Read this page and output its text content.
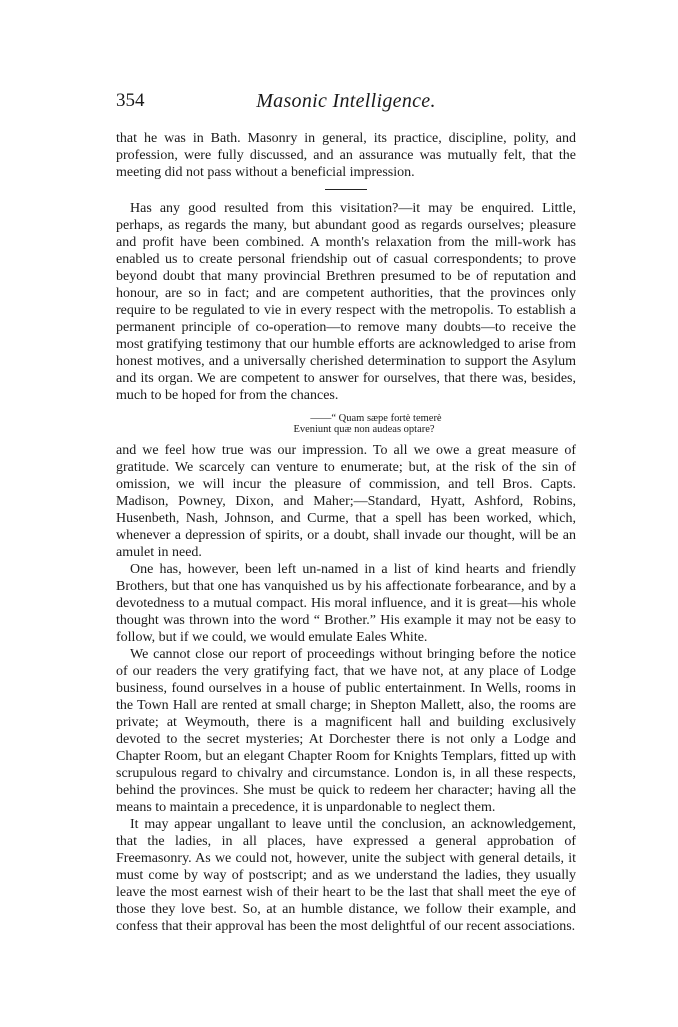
354	Masonic Intelligence.

that he was in Bath. Masonry in general, its practice, discipline, polity, and profession, were fully discussed, and an assurance was mutually felt, that the meeting did not pass without a beneficial impression.

Has any good resulted from this visitation?—it may be enquired. Little, perhaps, as regards the many, but abundant good as regards ourselves; pleasure and profit have been combined. A month's relaxation from the mill-work has enabled us to create personal friendship out of casual correspondents; to prove beyond doubt that many provincial Brethren presumed to be of reputation and honour, are so in fact; and are competent authorities, that the provinces only require to be regulated to vie in every respect with the metropolis. To establish a permanent principle of co-operation—to remove many doubts—to receive the most gratifying testimony that our humble efforts are acknowledged to arise from honest motives, and a universally cherished determination to support the Asylum and its organ. We are competent to answer for ourselves, that there was, besides, much to be hoped for from the chances.

——“ Quam sæpe fortè temerè
Eveniunt quæ non audeas optare?

and we feel how true was our impression. To all we owe a great measure of gratitude. We scarcely can venture to enumerate; but, at the risk of the sin of omission, we will incur the pleasure of commission, and tell Bros. Capts. Madison, Powney, Dixon, and Maher;—Standard, Hyatt, Ashford, Robins, Husenbeth, Nash, Johnson, and Curme, that a spell has been worked, which, whenever a depression of spirits, or a doubt, shall invade our thought, will be an amulet in need.

One has, however, been left un-named in a list of kind hearts and friendly Brothers, but that one has vanquished us by his affectionate forbearance, and by a devotedness to a mutual compact. His moral influence, and it is great—his whole thought was thrown into the word “ Brother.” His example it may not be easy to follow, but if we could, we would emulate Eales White.

We cannot close our report of proceedings without bringing before the notice of our readers the very gratifying fact, that we have not, at any place of Lodge business, found ourselves in a house of public entertainment. In Wells, rooms in the Town Hall are rented at small charge; in Shepton Mallett, also, the rooms are private; at Weymouth, there is a magnificent hall and building exclusively devoted to the secret mysteries; At Dorchester there is not only a Lodge and Chapter Room, but an elegant Chapter Room for Knights Templars, fitted up with scrupulous regard to chivalry and circumstance. London is, in all these respects, behind the provinces. She must be quick to redeem her character; having all the means to maintain a precedence, it is unpardonable to neglect them.

It may appear ungallant to leave until the conclusion, an acknowledgement, that the ladies, in all places, have expressed a general approbation of Freemasonry. As we could not, however, unite the subject with general details, it must come by way of postscript; and as we understand the ladies, they usually leave the most earnest wish of their heart to be the last that shall meet the eye of those they love best. So, at an humble distance, we follow their example, and confess that their approval has been the most delightful of our recent associations.
